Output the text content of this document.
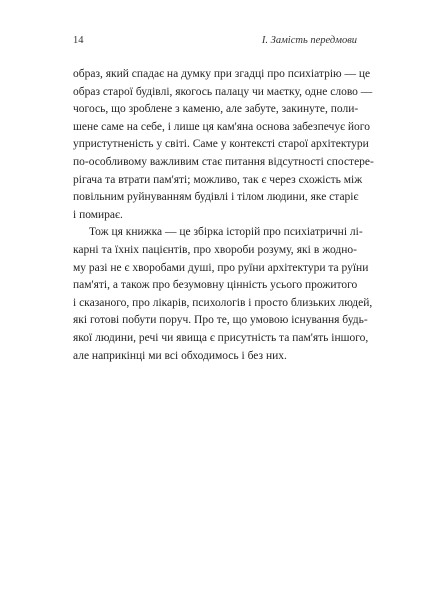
14	І. Замість передмови

образ, який спадає на думку при згадці про психіатрію — це
образ старої будівлі, якогось палацу чи маєтку, одне слово —
чогось, що зроблене з каменю, але забуте, закинуте, поли-
шене саме на себе, і лише ця кам'яна основа забезпечує його
упристутненість у світі. Саме у контексті старої архітектури
по-особливому важливим стає питання відсутності спостере-
рігача та втрати пам'яті; можливо, так є через схожість між
повільним руйнуванням будівлі і тілом людини, яке старіє
і помирає.

Тож ця книжка — це збірка історій про психіатричні лі-
карні та їхніх пацієнтів, про хвороби розуму, які в жодно-
му разі не є хворобами душі, про руїни архітектури та руїни
пам'яті, а також про безумовну цінність усього прожитого
і сказаного, про лікарів, психологів і просто близьких людей,
які готові побути поруч. Про те, що умовою існування будь-
якої людини, речі чи явища є присутність та пам'ять іншого,
але наприкінці ми всі обходимось і без них.
